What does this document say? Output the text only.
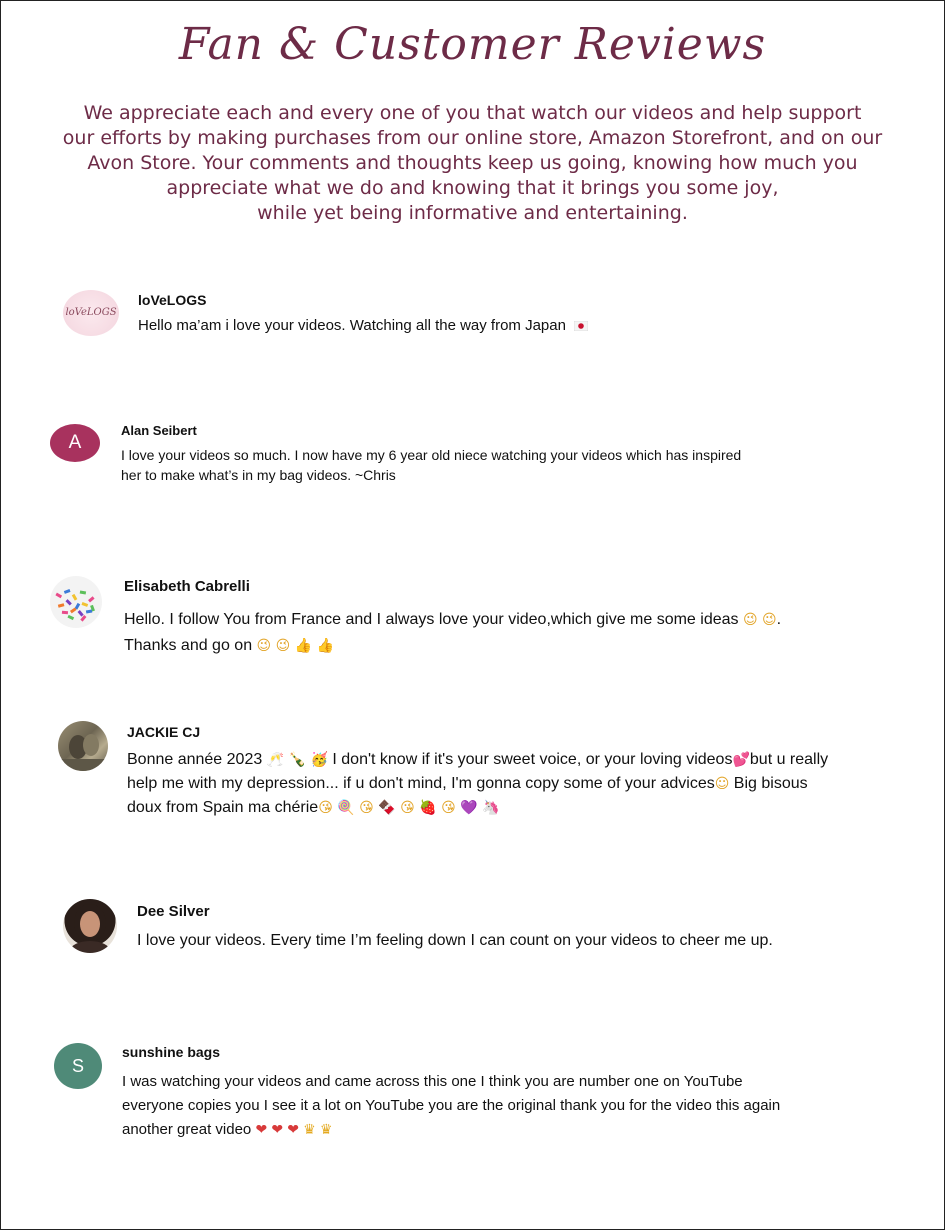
Fan & Customer Reviews

We appreciate each and every one of you that watch our videos and help support

our efforts by making purchases from our online store, Amazon Storefront, and on our

Avon Store. Your comments and thoughts keep us going, knowing how much you

appreciate what we do and knowing that it brings you some joy,

while yet being informative and entertaining.

loVeLOGS
loVeLOGS
Hello ma’am i love your videos. Watching all the way from Japan
A
Alan Seibert
I love your videos so much. I now have my 6 year old niece watching your videos which has inspired
her to make what’s in my bag videos. ~Chris
Elisabeth Cabrelli
Hello. I follow You from France and I always love your video,which give me some ideas 😉 😉.
Thanks and go on 😉 😉 👍 👍
JACKIE CJ
Bonne année 2023 🥂 🍾 🥳 I don't know if it's your sweet voice, or your loving videos💕but u really
help me with my depression... if u don't mind, I'm gonna copy some of your advices☺ Big bisous
doux from Spain ma chérie😘 🍭 😘 🍫 😘 🍓 😘 💜 🦄
Dee Silver
I love your videos. Every time I’m feeling down I can count on your videos to cheer me up.
S
sunshine bags
I was watching your videos and came across this one I think you are number one on YouTube
everyone copies you I see it a lot on YouTube you are the original thank you for the video this again
another great video ❤ ❤ ❤ ♛ ♛
